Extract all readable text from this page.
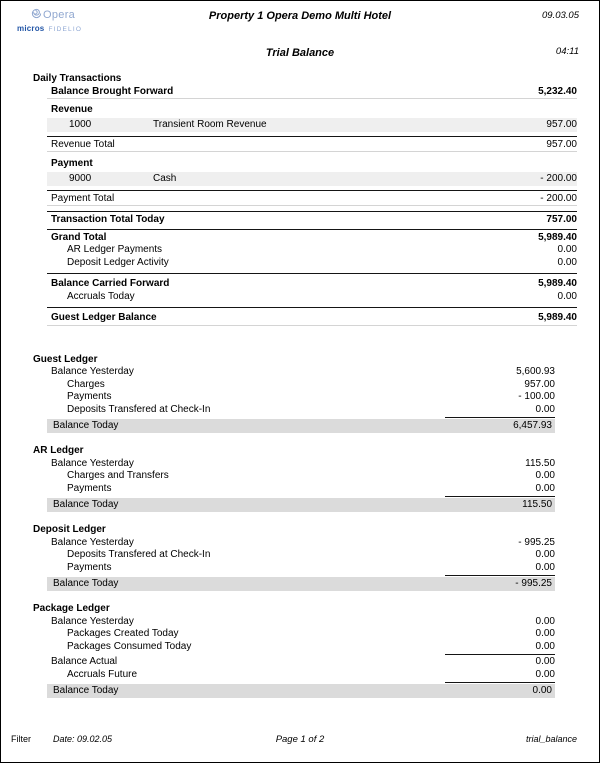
Opera
micros FIDELIO
Property 1 Opera Demo Multi Hotel	09.03.05
Trial Balance	04:11
Daily Transactions
Balance Brought Forward	5,232.40
Revenue
1000	Transient Room Revenue	957.00
Revenue Total	957.00
Payment
9000	Cash	- 200.00
Payment Total	- 200.00
Transaction Total Today	757.00
Grand Total	5,989.40
AR Ledger Payments	0.00
Deposit Ledger Activity	0.00
Balance Carried Forward	5,989.40
Accruals Today	0.00
Guest Ledger Balance	5,989.40
Guest Ledger
Balance Yesterday	5,600.93
Charges	957.00
Payments	- 100.00
Deposits Transfered at Check-In	0.00
Balance Today	6,457.93
AR Ledger
Balance Yesterday	115.50
Charges and Transfers	0.00
Payments	0.00
Balance Today	115.50
Deposit Ledger
Balance Yesterday	- 995.25
Deposits Transfered at Check-In	0.00
Payments	0.00
Balance Today	- 995.25
Package Ledger
Balance Yesterday	0.00
Packages Created Today	0.00
Packages Consumed Today	0.00
Balance Actual	0.00
Accruals Future	0.00
Balance Today	0.00
Filter Date: 09.02.05	Page 1 of 2	trial_balance
